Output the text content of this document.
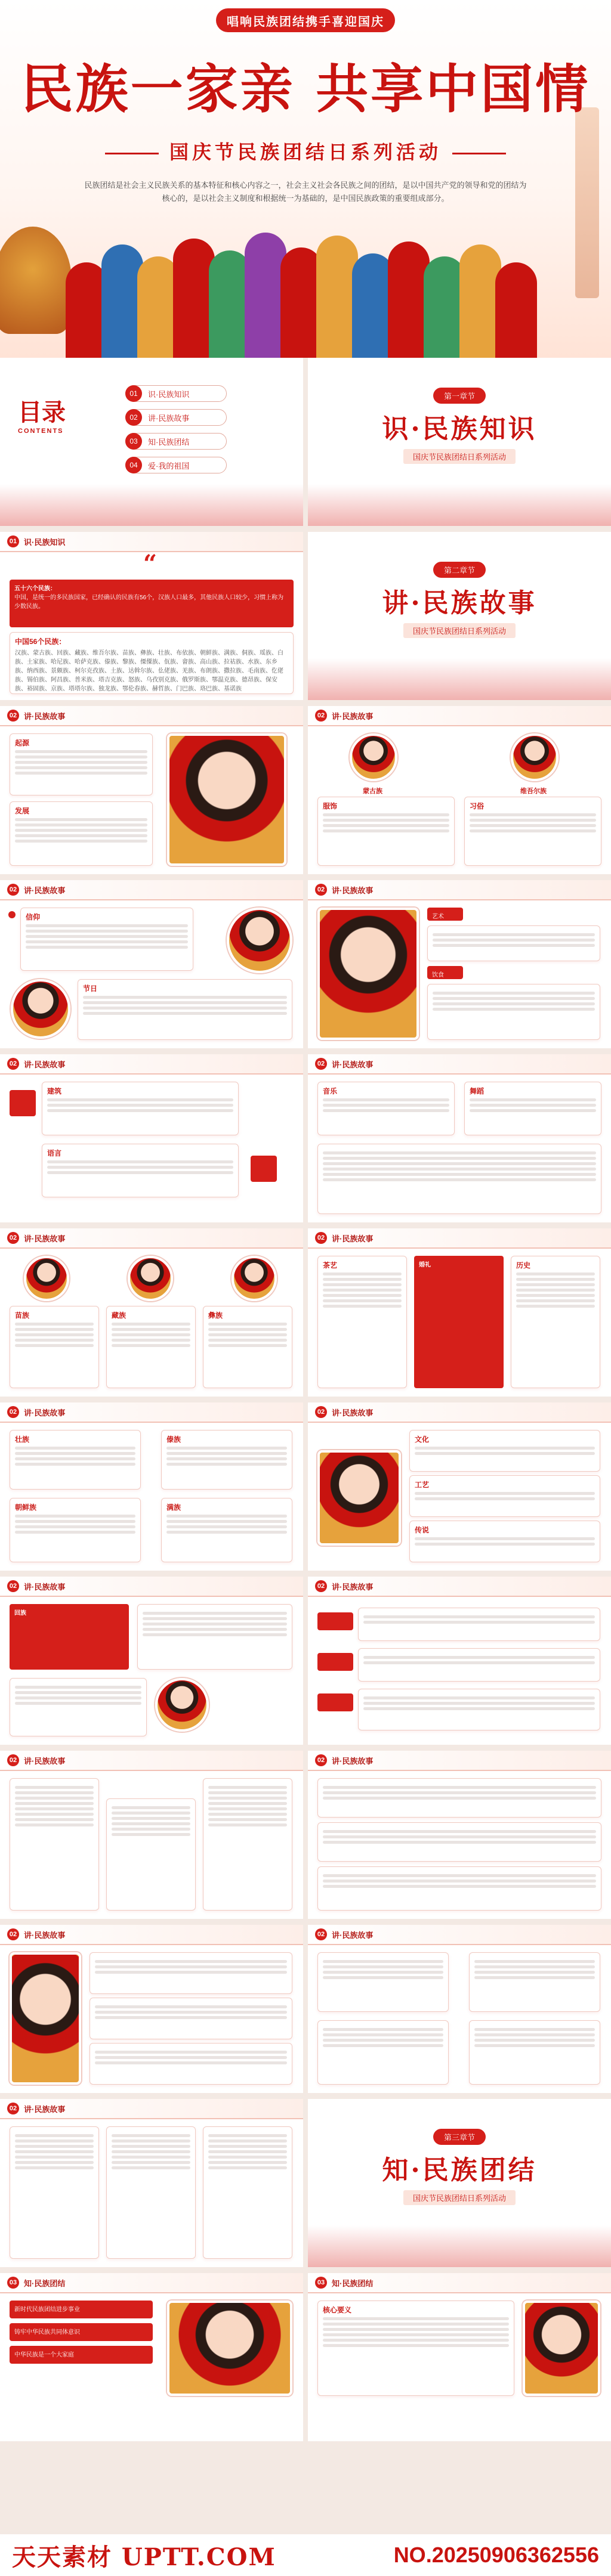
唱响民族团结携手喜迎国庆
民族一家亲 共享中国情
国庆节民族团结日系列活动
民族团结是社会主义民族关系的基本特征和核心内容之一，社会主义社会各民族之间的团结，是以中国共产党的领导和党的团结为核心的，是以社会主义制度和根据统一为基础的，是中国民族政策的重要组成部分。
目录
CONTENTS
01	识·民族知识
02	讲·民族故事
03	知·民族团结
04	爱·我的祖国
第一章节
识·民族知识
国庆节民族团结日系列活动
01 识·民族知识
“
五十六个民族：
中国，是统一的多民族国家，已经确认的民族有56个，汉族人口最多，其他民族人口较少，习惯上称为少数民族。
中国56个民族：
汉族、蒙古族、回族、藏族、维吾尔族、苗族、彝族、壮族、布依族、朝鲜族、满族、侗族、瑶族、白族、土家族、哈尼族、哈萨克族、傣族、黎族、傈僳族、佤族、畲族、高山族、拉祜族、水族、东乡族、纳西族、景颇族、柯尔克孜族、土族、达斡尔族、仫佬族、羌族、布朗族、撒拉族、毛南族、仡佬族、锡伯族、阿昌族、普米族、塔吉克族、怒族、乌孜别克族、俄罗斯族、鄂温克族、德昂族、保安族、裕固族、京族、塔塔尔族、独龙族、鄂伦春族、赫哲族、门巴族、珞巴族、基诺族
第二章节
讲·民族故事
国庆节民族团结日系列活动
02 讲·民族故事
起源
发展
02 讲·民族故事
蒙古族	维吾尔族
服饰	习俗
02 讲·民族故事
信仰
节日
02 讲·民族故事
艺术
饮食
02 讲·民族故事
建筑
语言
02 讲·民族故事
音乐	舞蹈
02 讲·民族故事
苗族	藏族	彝族
02 讲·民族故事
茶艺	婚礼	历史
02 讲·民族故事
壮族	傣族
朝鲜族	满族
02 讲·民族故事
文化
工艺
传说
02 讲·民族故事
回族
02 讲·民族故事
02 讲·民族故事	02 讲·民族故事
02 讲·民族故事	02 讲·民族故事
02 讲·民族故事
第三章节
知·民族团结
国庆节民族团结日系列活动
03 知·民族团结
新时代民族团结进步事业
铸牢中华民族共同体意识
中华民族是一个大家庭
03 知·民族团结
核心要义
天天素材 UPTT.COM	NO.20250906362556
